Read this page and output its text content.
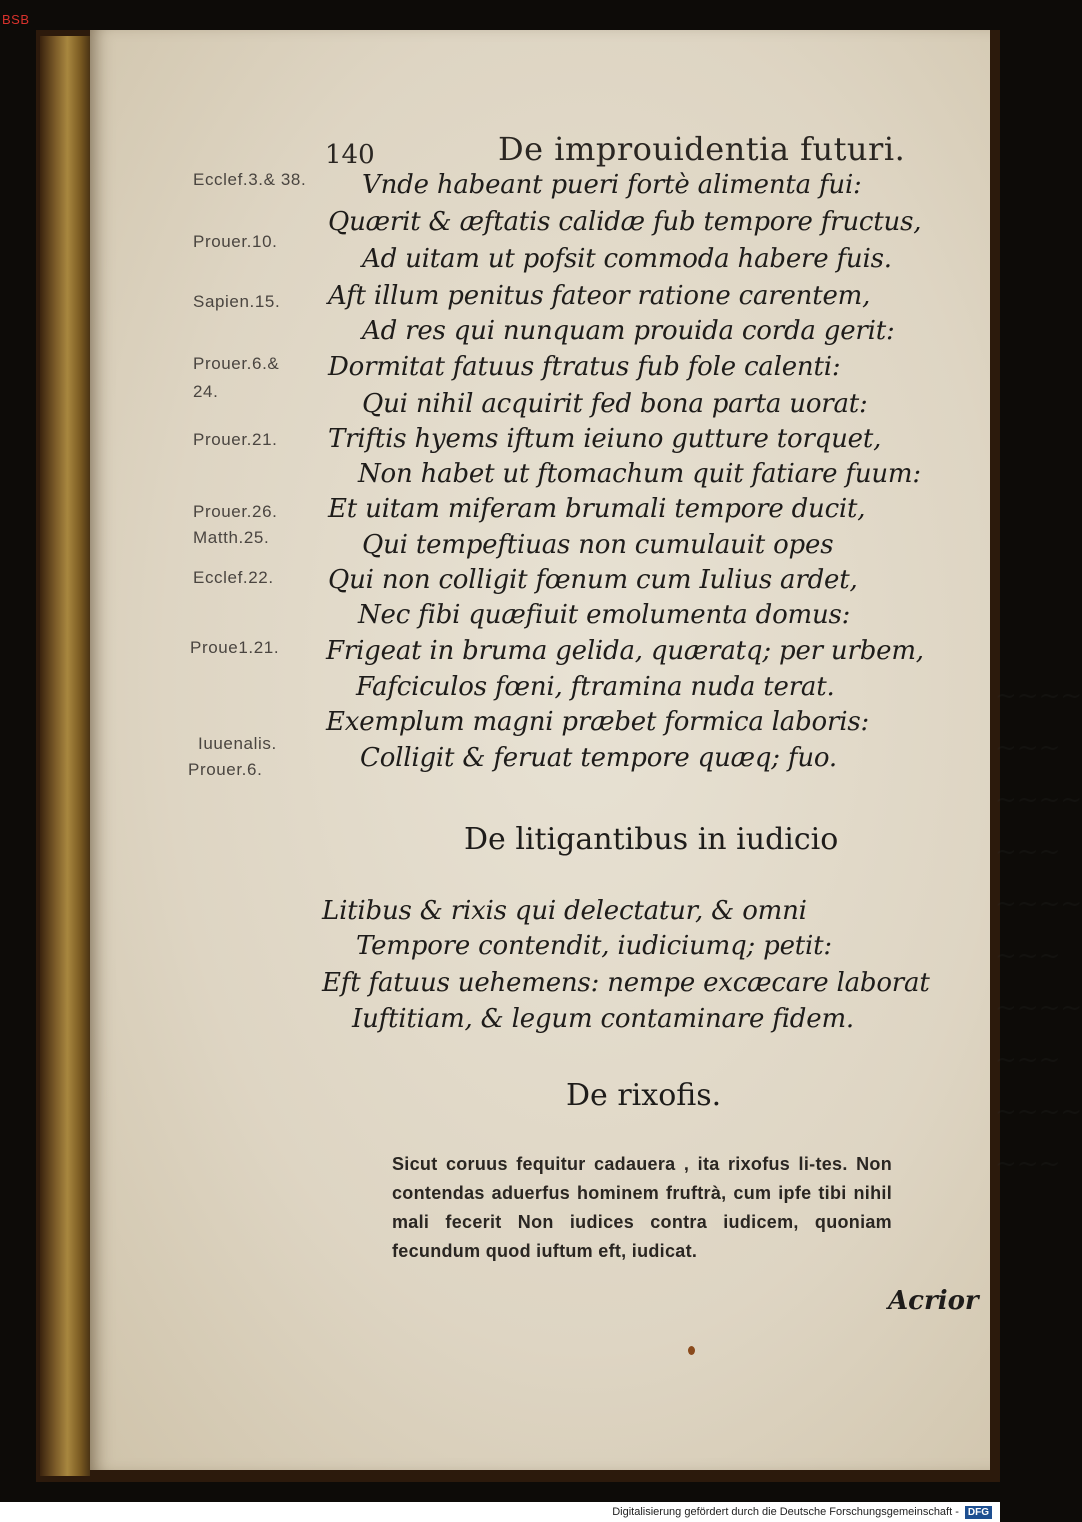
BSB
~~~~
~~~
~~~~
~~~
~~~~
~~~
~~~~
~~~
~~~~
~~~
140	De improuidentia futuri.
Ecclef.3.& 38.
Prouer.10.
Sapien.15.
Prouer.6.&
24.
Prouer.21.
Prouer.26.
Matth.25.
Ecclef.22.
Proue1.21.
Iuuenalis.
Prouer.6.
Vnde habeant pueri fortè alimenta fui:
Quærit & æftatis calidæ fub tempore fructus,
Ad uitam ut pofsit commoda habere fuis.
Aft illum penitus fateor ratione carentem,
Ad res qui nunquam prouida corda gerit:
Dormitat fatuus ftratus fub fole calenti:
Qui nihil acquirit fed bona parta uorat:
Triftis hyems iftum ieiuno gutture torquet,
Non habet ut ftomachum quit fatiare fuum:
Et uitam miferam brumali tempore ducit,
Qui tempeftiuas non cumulauit opes
Qui non colligit fœnum cum Iulius ardet,
Nec fibi quæfiuit emolumenta domus:
Frigeat in bruma gelida, quæratq; per urbem,
Fafciculos fœni, ftramina nuda terat.
Exemplum magni præbet formica laboris:
Colligit & feruat tempore quæq; fuo.
De litigantibus in iudicio
Litibus & rixis qui delectatur, & omni
Tempore contendit, iudiciumq; petit:
Eft fatuus uehemens: nempe excæcare laborat
Iuftitiam, & legum contaminare fidem.
De rixofis.
Sicut coruus fequitur cadauera , ita rixofus li-tes. Non contendas aduerfus hominem fruftrà, cum ipfe tibi nihil mali fecerit Non iudices contra iudicem, quoniam fecundum quod iuftum eft, iudicat.
Acrior
Digitalisierung gefördert durch die Deutsche Forschungsgemeinschaft - DFG
